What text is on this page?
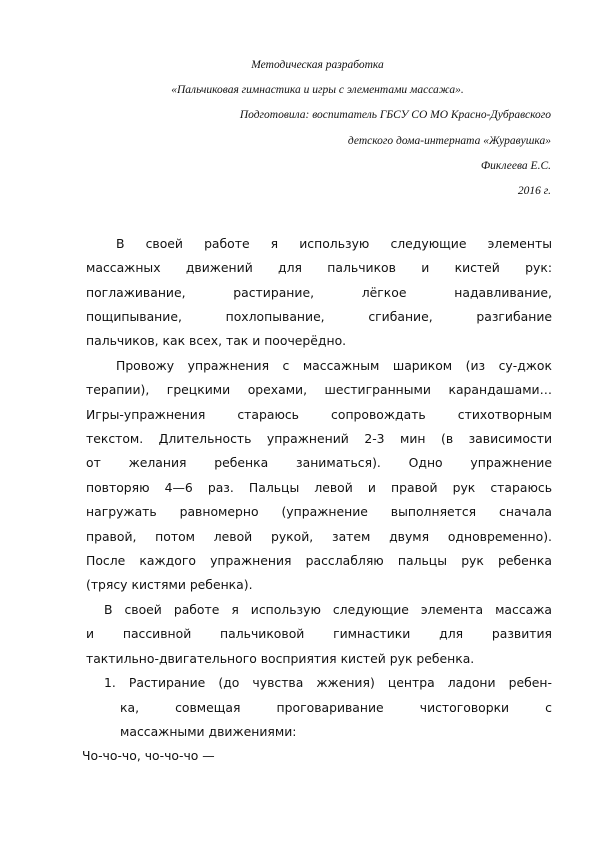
Методическая разработка
«Пальчиковая гимнастика и игры с элементами массажа».
Подготовила: воспитатель ГБСУ СО МО Красно-Дубравского
детского дома-интерната «Журавушка»
Фиклеева Е.С.
2016 г.
В своей работе я использую следующие элементы
массажных движений для пальчиков и кистей рук:
поглаживание, растирание, лёгкое надавливание,
пощипывание, похлопывание, сгибание, разгибание
пальчиков, как всех, так и поочерёдно.
Провожу упражнения с массажным шариком (из су-джок
терапии), грецкими орехами, шестигранными карандашами…
Игры-упражнения стараюсь сопровождать стихотворным
текстом. Длительность упражнений 2-3 мин (в зависимости
от желания ребенка заниматься). Одно упражнение
повторяю 4—6 раз. Пальцы левой и правой рук стараюсь
нагружать равномерно (упражнение выполняется сначала
правой, потом левой рукой, затем двумя одновременно).
После каждого упражнения расслабляю пальцы рук ребенка
(трясу кистями ребенка).
В своей работе я использую следующие элемента массажа
и пассивной пальчиковой гимнастики для развития
тактильно-двигательного восприятия кистей рук ребенка.
1. Растирание (до чувства жжения) центра ладони ребен-
ка, совмещая проговаривание чистоговорки с
массажными движениями:
Чо-чо-чо, чо-чо-чо —
